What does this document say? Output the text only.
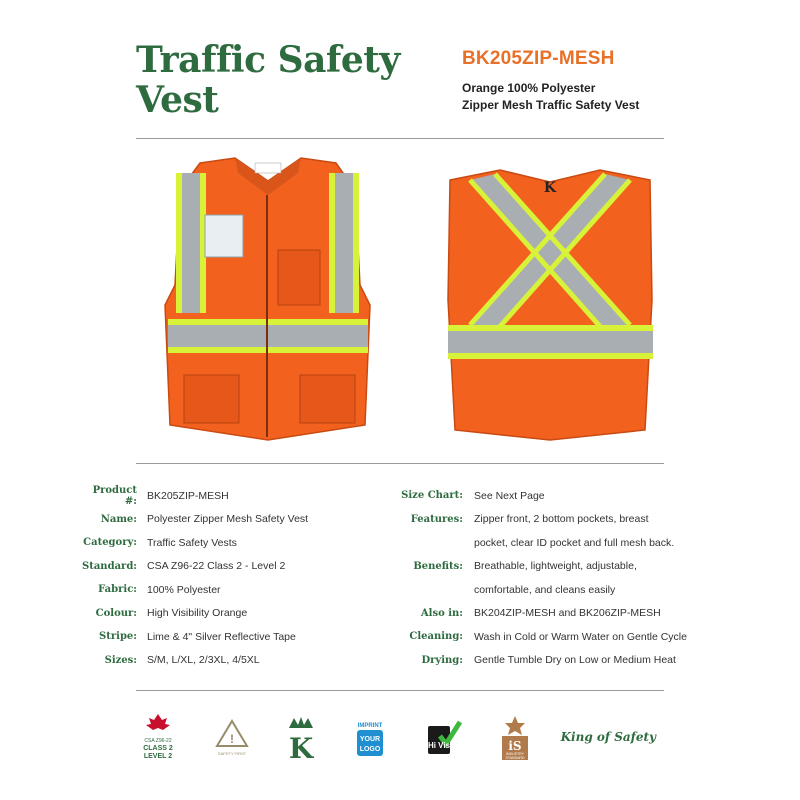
Traffic Safety
Vest
BK205ZIP-MESH
Orange 100% Polyester
Zipper Mesh Traffic Safety Vest
K
Product #: BK205ZIP-MESH
Name: Polyester Zipper Mesh Safety Vest
Category: Traffic Safety Vests
Standard: CSA Z96-22 Class 2 - Level 2
Fabric: 100% Polyester
Colour: High Visibility Orange
Stripe: Lime & 4" Silver Reflective Tape
Sizes: S/M, L/XL, 2/3XL, 4/5XL
Size Chart: See Next Page
Features: Zipper front, 2 bottom pockets, breast
pocket, clear ID pocket and full mesh back.
Benefits: Breathable, lightweight, adjustable,
comfortable, and cleans easily
Also in: BK204ZIP-MESH and BK206ZIP-MESH
Cleaning: Wash in Cold or Warm Water on Gentle Cycle
Drying: Gentle Tumble Dry on Low or Medium Heat
CSA Z96-22
CLASS 2
LEVEL 2
!
SAFETY FIRST K
IMPRINT
YOUR
LOGO	Hi Vis	iS
INDUSTRY
STANDARD
King of Safety
